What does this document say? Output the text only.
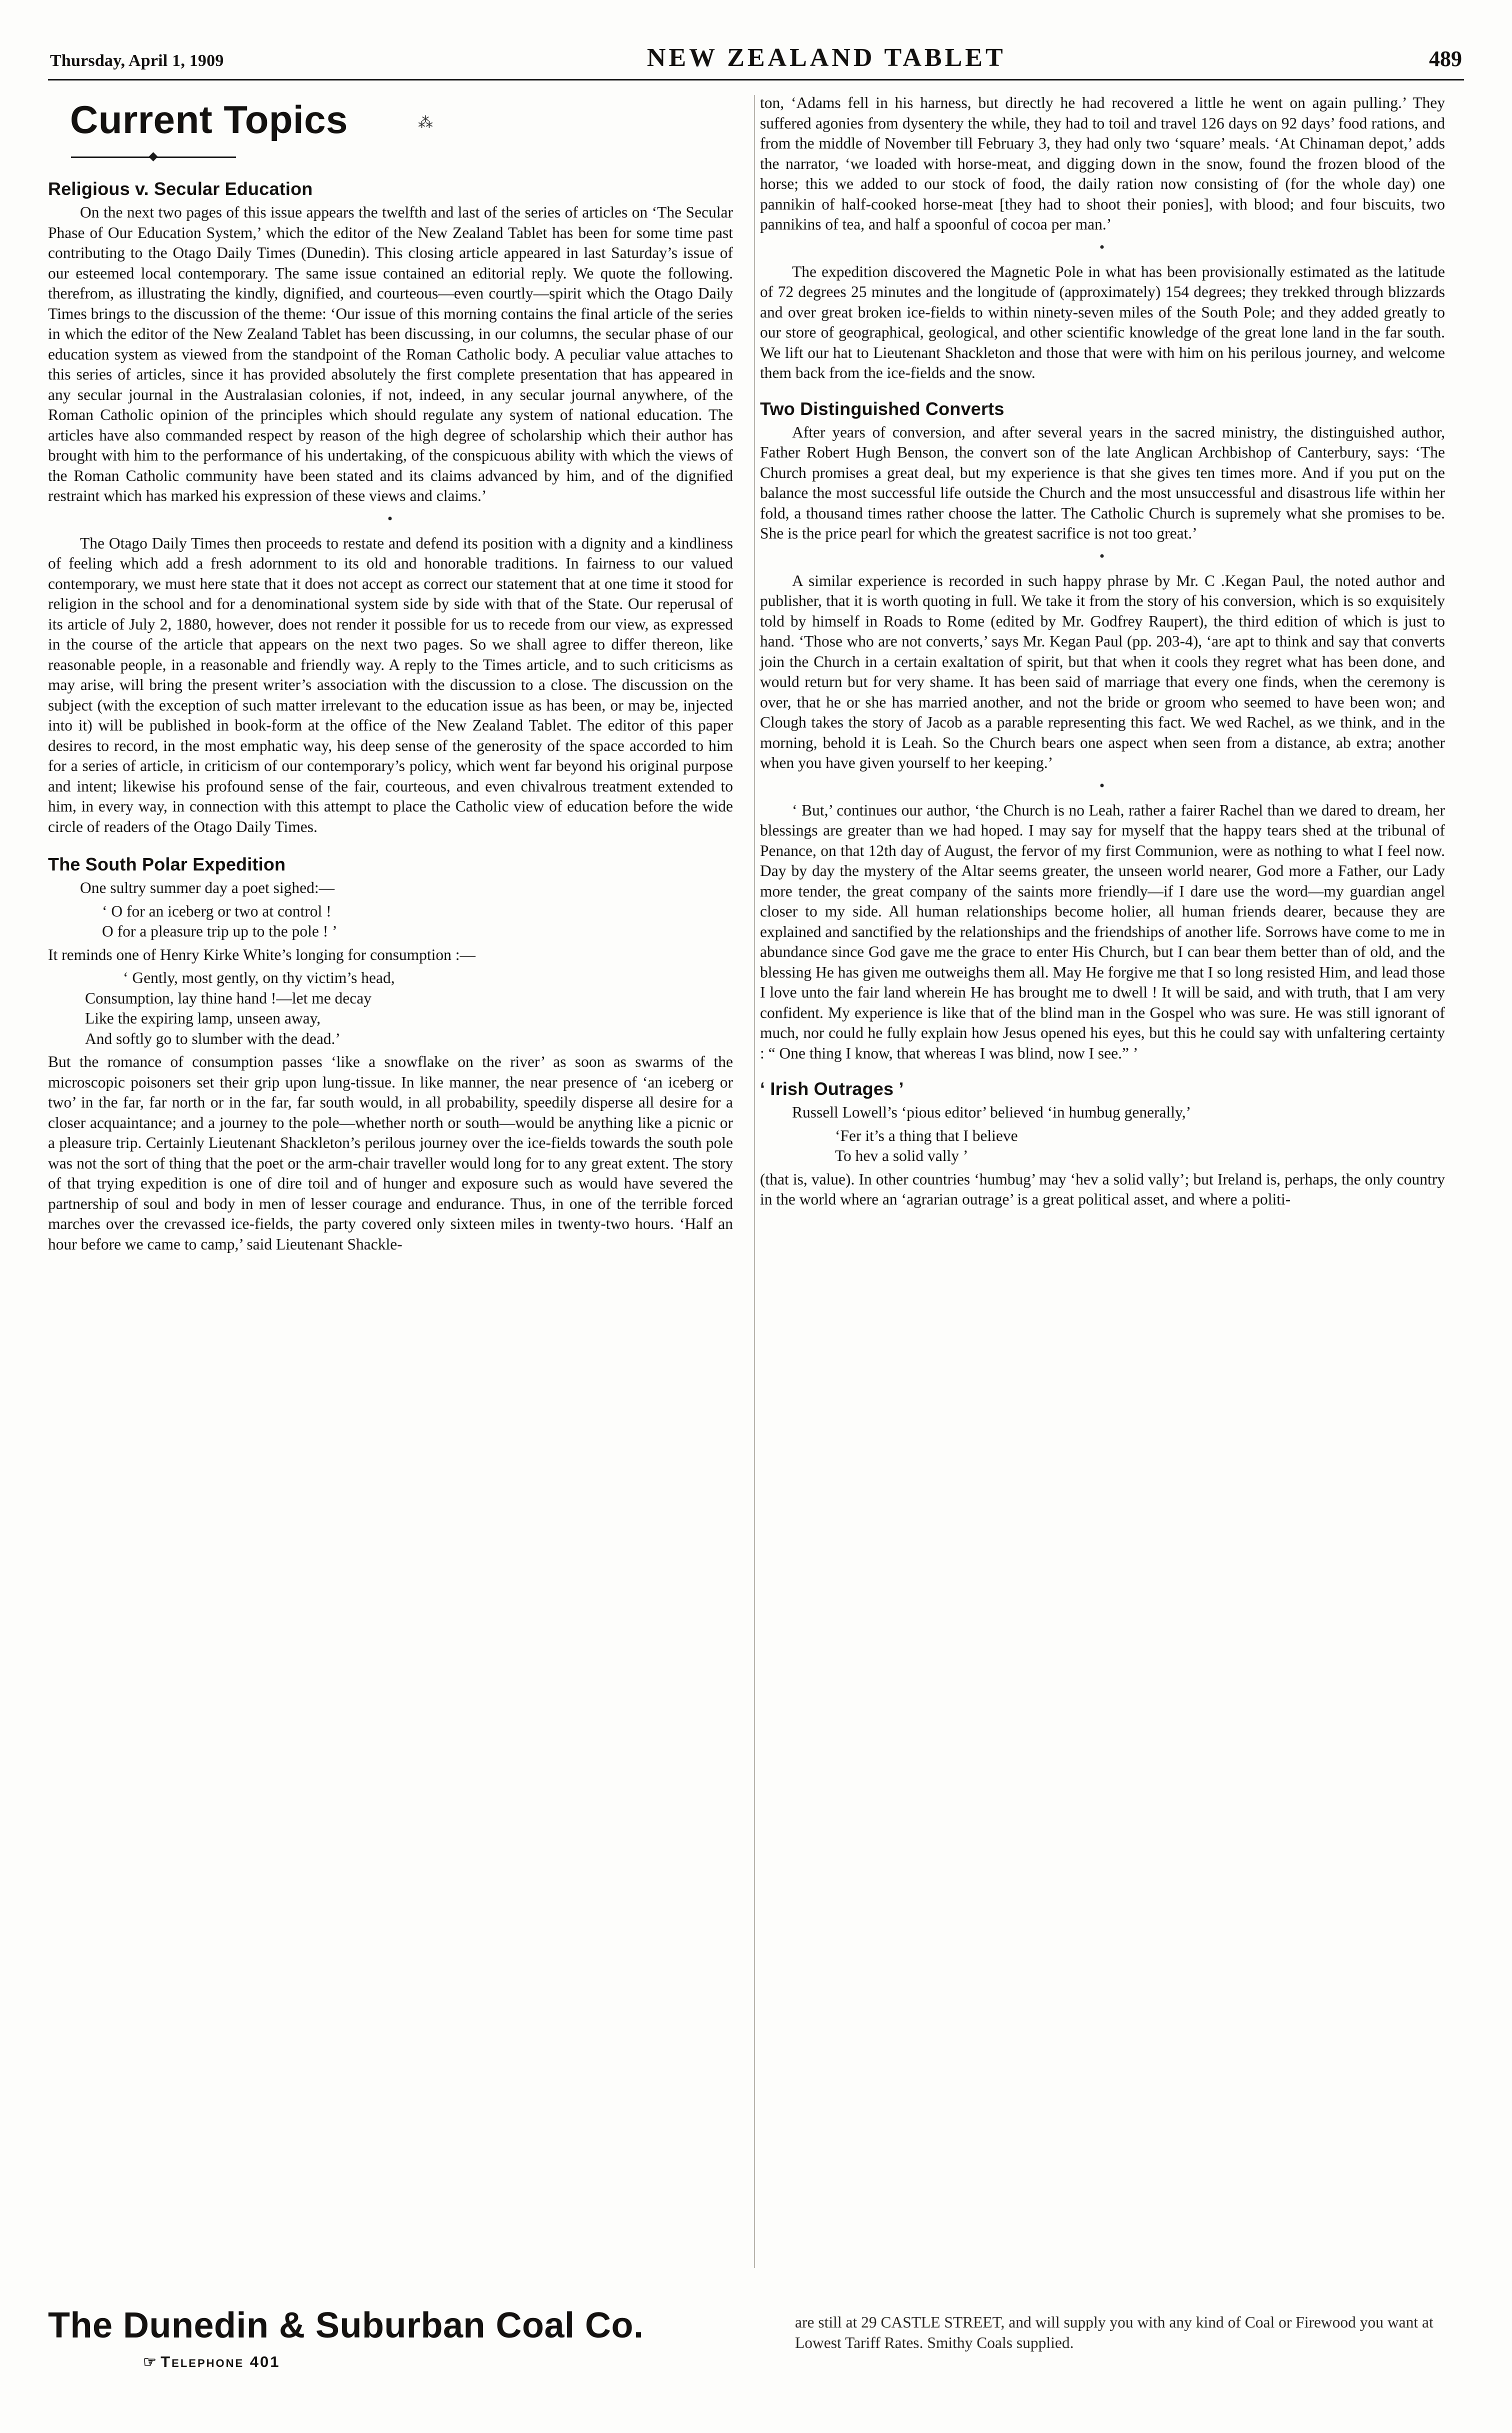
Thursday, April 1, 1909	NEW ZEALAND TABLET	489
Current Topics	⁂
Religious v. Secular Education

On the next two pages of this issue appears the twelfth and last of the series of articles on ‘The Secular Phase of Our Education System,’ which the editor of the New Zealand Tablet has been for some time past contributing to the Otago Daily Times (Dunedin). This closing article appeared in last Saturday’s issue of our esteemed local contemporary. The same issue contained an editorial reply. We quote the following. therefrom, as illustrating the kindly, dignified, and courteous—even courtly—spirit which the Otago Daily Times brings to the discussion of the theme: ‘Our issue of this morning contains the final article of the series in which the editor of the New Zealand Tablet has been discussing, in our columns, the secular phase of our education system as viewed from the standpoint of the Roman Catholic body. A peculiar value attaches to this series of articles, since it has provided absolutely the first complete presentation that has appeared in any secular journal in the Australasian colonies, if not, indeed, in any secular journal anywhere, of the Roman Catholic opinion of the principles which should regulate any system of national education. The articles have also commanded respect by reason of the high degree of scholarship which their author has brought with him to the performance of his undertaking, of the conspicuous ability with which the views of the Roman Catholic community have been stated and its claims advanced by him, and of the dignified restraint which has marked his expression of these views and claims.’

•

The Otago Daily Times then proceeds to restate and defend its position with a dignity and a kindliness of feeling which add a fresh adornment to its old and honorable traditions. In fairness to our valued contemporary, we must here state that it does not accept as correct our statement that at one time it stood for religion in the school and for a denominational system side by side with that of the State. Our reperusal of its article of July 2, 1880, however, does not render it possible for us to recede from our view, as expressed in the course of the article that appears on the next two pages. So we shall agree to differ thereon, like reasonable people, in a reasonable and friendly way. A reply to the Times article, and to such criticisms as may arise, will bring the present writer’s association with the discussion to a close. The discussion on the subject (with the exception of such matter irrelevant to the education issue as has been, or may be, injected into it) will be published in book-form at the office of the New Zealand Tablet. The editor of this paper desires to record, in the most emphatic way, his deep sense of the generosity of the space accorded to him for a series of article, in criticism of our contemporary’s policy, which went far beyond his original purpose and intent; likewise his profound sense of the fair, courteous, and even chivalrous treatment extended to him, in every way, in connection with this attempt to place the Catholic view of education before the wide circle of readers of the Otago Daily Times.

The South Polar Expedition

One sultry summer day a poet sighed:—

‘ O for an iceberg or two at control !
O for a pleasure trip up to the pole ! ’

It reminds one of Henry Kirke White’s longing for consumption :—

‘ Gently, most gently, on thy victim’s head,
Consumption, lay thine hand !—let me decay
Like the expiring lamp, unseen away,
And softly go to slumber with the dead.’

But the romance of consumption passes ‘like a snowflake on the river’ as soon as swarms of the microscopic poisoners set their grip upon lung-tissue. In like manner, the near presence of ‘an iceberg or two’ in the far, far north or in the far, far south would, in all probability, speedily disperse all desire for a closer acquaintance; and a journey to the pole—whether north or south—would be anything like a picnic or a pleasure trip. Certainly Lieutenant Shackleton’s perilous journey over the ice-fields towards the south pole was not the sort of thing that the poet or the arm-chair traveller would long for to any great extent. The story of that trying expedition is one of dire toil and of hunger and exposure such as would have severed the partnership of soul and body in men of lesser courage and endurance. Thus, in one of the terrible forced marches over the crevassed ice-fields, the party covered only sixteen miles in twenty-two hours. ‘Half an hour before we came to camp,’ said Lieutenant Shackle-

ton, ‘Adams fell in his harness, but directly he had recovered a little he went on again pulling.’ They suffered agonies from dysentery the while, they had to toil and travel 126 days on 92 days’ food rations, and from the middle of November till February 3, they had only two ‘square’ meals. ‘At Chinaman depot,’ adds the narrator, ‘we loaded with horse-meat, and digging down in the snow, found the frozen blood of the horse; this we added to our stock of food, the daily ration now consisting of (for the whole day) one pannikin of half-cooked horse-meat [they had to shoot their ponies], with blood; and four biscuits, two pannikins of tea, and half a spoonful of cocoa per man.’

•

The expedition discovered the Magnetic Pole in what has been provisionally estimated as the latitude of 72 degrees 25 minutes and the longitude of (approximately) 154 degrees; they trekked through blizzards and over great broken ice-fields to within ninety-seven miles of the South Pole; and they added greatly to our store of geographical, geological, and other scientific knowledge of the great lone land in the far south. We lift our hat to Lieutenant Shackleton and those that were with him on his perilous journey, and welcome them back from the ice-fields and the snow.

Two Distinguished Converts

After years of conversion, and after several years in the sacred ministry, the distinguished author, Father Robert Hugh Benson, the convert son of the late Anglican Archbishop of Canterbury, says: ‘The Church promises a great deal, but my experience is that she gives ten times more. And if you put on the balance the most successful life outside the Church and the most unsuccessful and disastrous life within her fold, a thousand times rather choose the latter. The Catholic Church is supremely what she promises to be. She is the price pearl for which the greatest sacrifice is not too great.’

•

A similar experience is recorded in such happy phrase by Mr. C .Kegan Paul, the noted author and publisher, that it is worth quoting in full. We take it from the story of his conversion, which is so exquisitely told by himself in Roads to Rome (edited by Mr. Godfrey Raupert), the third edition of which is just to hand. ‘Those who are not converts,’ says Mr. Kegan Paul (pp. 203-4), ‘are apt to think and say that converts join the Church in a certain exaltation of spirit, but that when it cools they regret what has been done, and would return but for very shame. It has been said of marriage that every one finds, when the ceremony is over, that he or she has married another, and not the bride or groom who seemed to have been won; and Clough takes the story of Jacob as a parable representing this fact. We wed Rachel, as we think, and in the morning, behold it is Leah. So the Church bears one aspect when seen from a distance, ab extra; another when you have given yourself to her keeping.’

•

‘ But,’ continues our author, ‘the Church is no Leah, rather a fairer Rachel than we dared to dream, her blessings are greater than we had hoped. I may say for myself that the happy tears shed at the tribunal of Penance, on that 12th day of August, the fervor of my first Communion, were as nothing to what I feel now. Day by day the mystery of the Altar seems greater, the unseen world nearer, God more a Father, our Lady more tender, the great company of the saints more friendly—if I dare use the word—my guardian angel closer to my side. All human relationships become holier, all human friends dearer, because they are explained and sanctified by the relationships and the friendships of another life. Sorrows have come to me in abundance since God gave me the grace to enter His Church, but I can bear them better than of old, and the blessing He has given me outweighs them all. May He forgive me that I so long resisted Him, and lead those I love unto the fair land wherein He has brought me to dwell ! It will be said, and with truth, that I am very confident. My experience is like that of the blind man in the Gospel who was sure. He was still ignorant of much, nor could he fully explain how Jesus opened his eyes, but this he could say with unfaltering certainty : “ One thing I know, that whereas I was blind, now I see.” ’

‘ Irish Outrages ’

Russell Lowell’s ‘pious editor’ believed ‘in humbug generally,’

‘Fer it’s a thing that I believe
To hev a solid vally ’

(that is, value). In other countries ‘humbug’ may ‘hev a solid vally’; but Ireland is, perhaps, the only country in the world where an ‘agrarian outrage’ is a great political asset, and where a politi-

The Dunedin & Suburban Coal Co.
☞ Telephone 401

are still at 29 CASTLE STREET, and will supply you with any kind of Coal or Firewood you want at Lowest Tariff Rates. Smithy Coals supplied.
